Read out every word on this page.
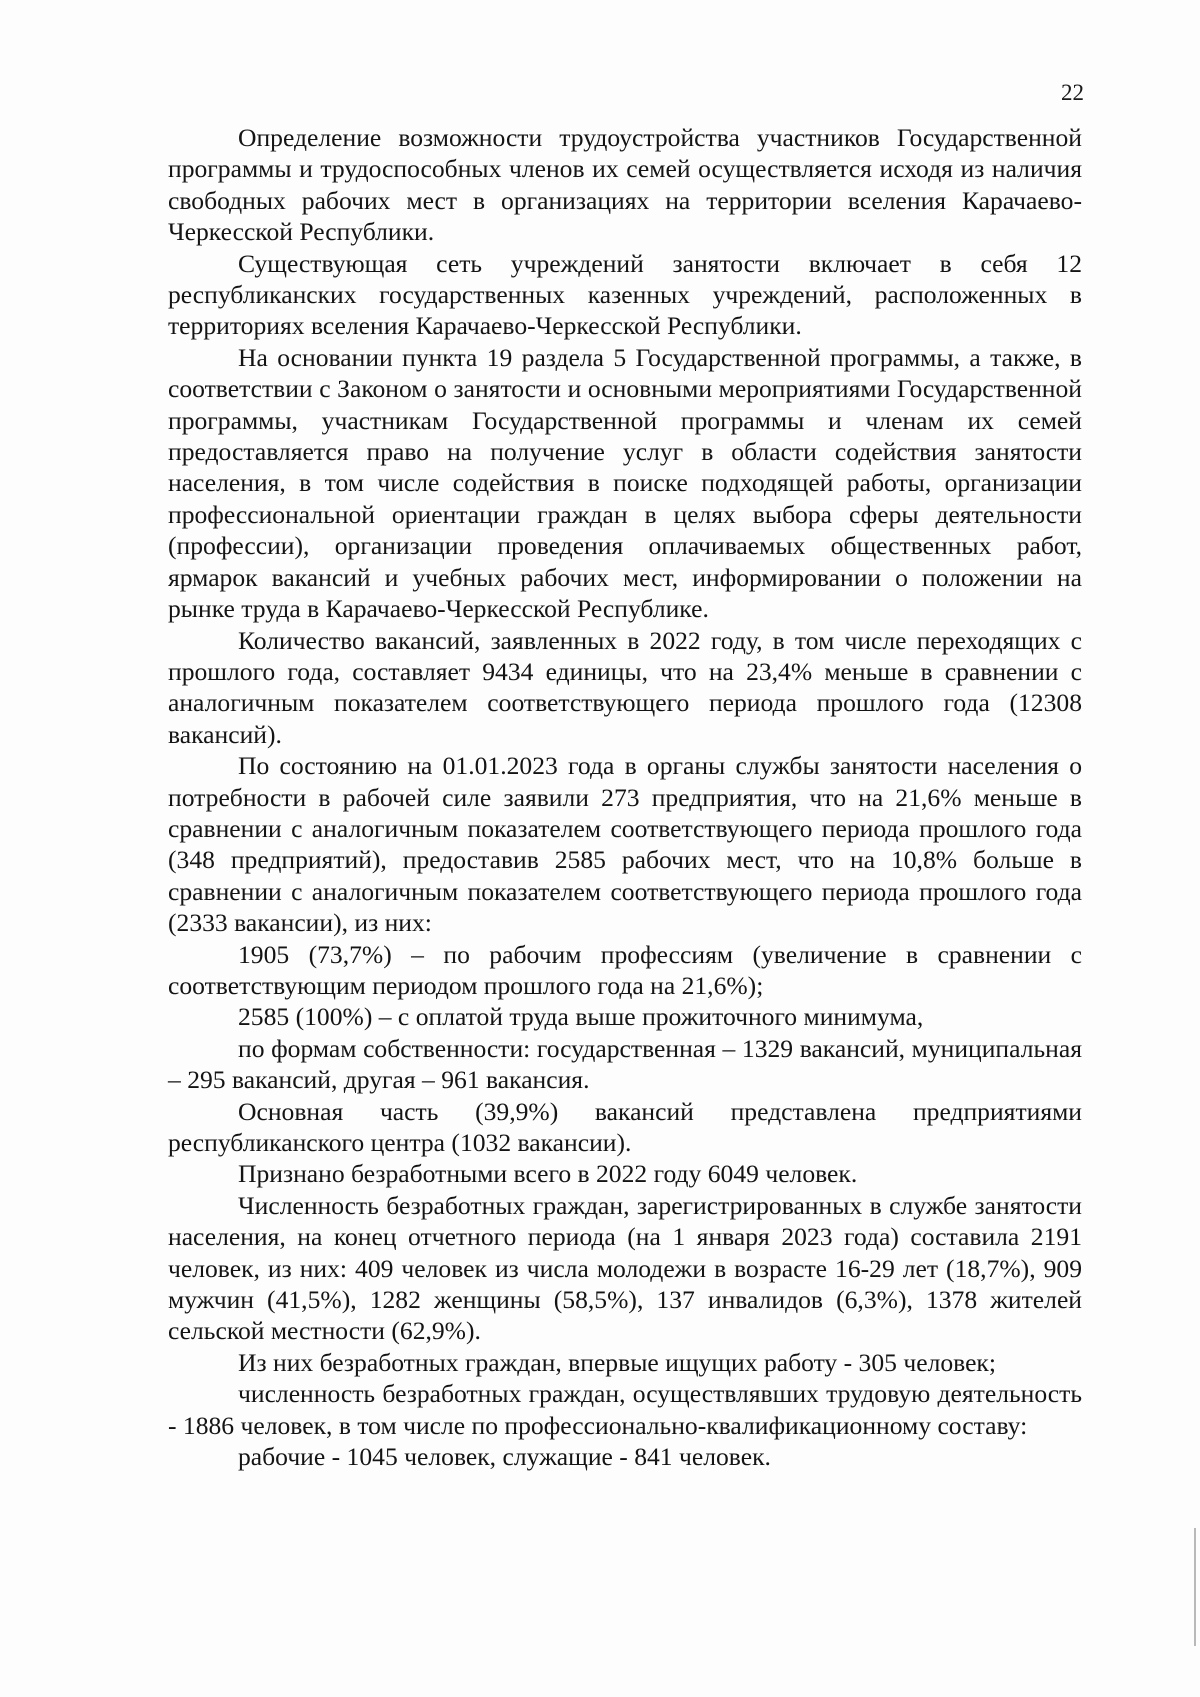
22

Определение возможности трудоустройства участников Государственной программы и трудоспособных членов их семей осуществляется исходя из наличия свободных рабочих мест в организациях на территории вселения Карачаево-Черкесской Республики.

Существующая сеть учреждений занятости включает в себя 12 республиканских государственных казенных учреждений, расположенных в территориях вселения Карачаево-Черкесской Республики.

На основании пункта 19 раздела 5 Государственной программы, а также, в соответствии с Законом о занятости и основными мероприятиями Государственной программы, участникам Государственной программы и членам их семей предоставляется право на получение услуг в области содействия занятости населения, в том числе содействия в поиске подходящей работы, организации профессиональной ориентации граждан в целях выбора сферы деятельности (профессии), организации проведения оплачиваемых общественных работ, ярмарок вакансий и учебных рабочих мест, информировании о положении на рынке труда в Карачаево-Черкесской Республике.

Количество вакансий, заявленных в 2022 году, в том числе переходящих с прошлого года, составляет 9434 единицы, что на 23,4% меньше в сравнении с аналогичным показателем соответствующего периода прошлого года (12308 вакансий).

По состоянию на 01.01.2023 года в органы службы занятости населения о потребности в рабочей силе заявили 273 предприятия, что на 21,6% меньше в сравнении с аналогичным показателем соответствующего периода прошлого года (348 предприятий), предоставив 2585 рабочих мест, что на 10,8% больше в сравнении с аналогичным показателем соответствующего периода прошлого года (2333 вакансии), из них:

1905 (73,7%) – по рабочим профессиям (увеличение в сравнении с соответствующим периодом прошлого года на 21,6%);

2585 (100%) – с оплатой труда выше прожиточного минимума,

по формам собственности: государственная – 1329 вакансий, муниципальная – 295 вакансий, другая – 961 вакансия.

Основная часть (39,9%) вакансий представлена предприятиями республиканского центра (1032 вакансии).

Признано безработными всего в 2022 году 6049 человек.

Численность безработных граждан, зарегистрированных в службе занятости населения, на конец отчетного периода (на 1 января 2023 года) составила 2191 человек, из них: 409 человек из числа молодежи в возрасте 16-29 лет (18,7%), 909 мужчин (41,5%), 1282 женщины (58,5%), 137 инвалидов (6,3%), 1378 жителей сельской местности (62,9%).

Из них безработных граждан, впервые ищущих работу - 305 человек;

численность безработных граждан, осуществлявших трудовую деятельность - 1886 человек, в том числе по профессионально-квалификационному составу:

рабочие - 1045 человек, служащие - 841 человек.
